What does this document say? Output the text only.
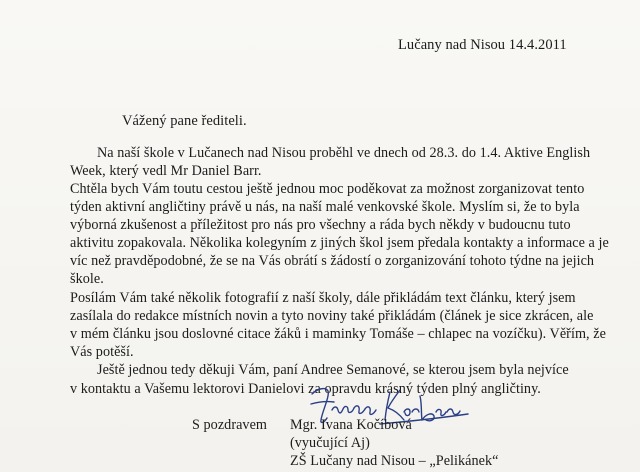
Lučany nad Nisou 14.4.2011
Vážený pane řediteli.
Na naší škole v Lučanech nad Nisou proběhl ve dnech od 28.3. do 1.4. Aktive English
Week, který vedl Mr Daniel Barr.
Chtěla bych Vám toutu cestou ještě jednou moc poděkovat za možnost zorganizovat tento
týden aktivní angličtiny právě u nás, na naší malé venkovské škole. Myslím si, že to byla
výborná zkušenost a příležitost pro nás pro všechny a ráda bych někdy v budoucnu tuto
aktivitu zopakovala. Několika kolegyním z jiných škol jsem předala kontakty a informace a je
víc než pravděpodobné, že se na Vás obrátí s žádostí o zorganizování tohoto týdne na jejich
škole.
Posílám Vám také několik fotografií z naší školy, dále přikládám text článku, který jsem
zasílala do redakce místních novin a tyto noviny také přikládám (článek je sice zkrácen, ale
v mém článku jsou doslovné citace žáků i maminky Tomáše – chlapec na vozíčku). Věřím, že
Vás potěší.
Ještě jednou tedy děkuji Vám, paní Andree Semanové, se kterou jsem byla nejvíce
v kontaktu a Vašemu lektorovi Danielovi za opravdu krásný týden plný angličtiny.
S pozdravem Mgr. Ivana Kočíbová
(vyučující Aj)
ZŠ Lučany nad Nisou – „Pelikánek“
